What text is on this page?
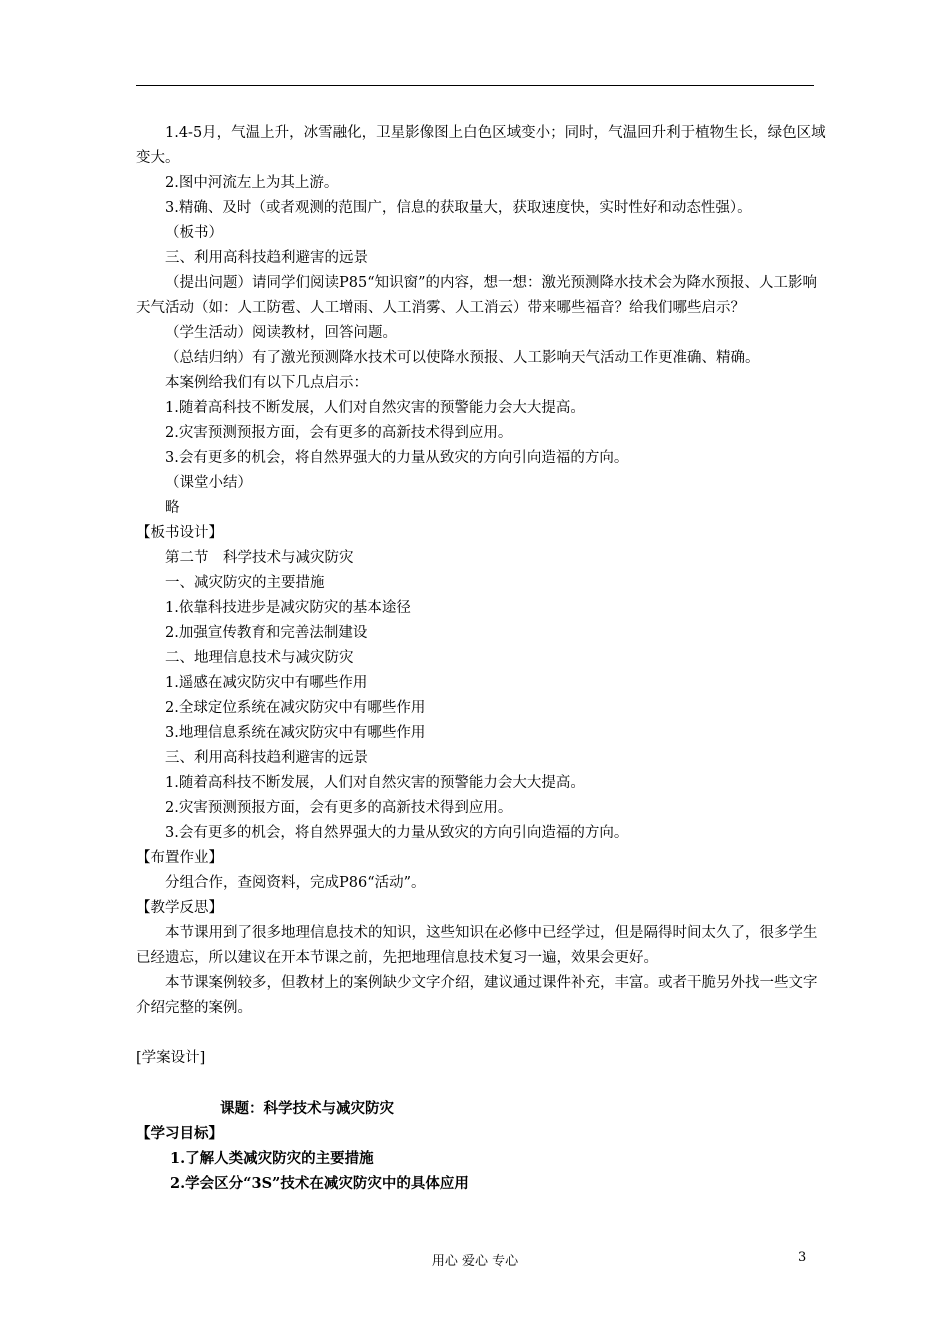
1.4-5月，气温上升，冰雪融化，卫星影像图上白色区域变小；同时，气温回升利于植物生长，绿色区域变大。

2.图中河流左上为其上游。

3.精确、及时（或者观测的范围广，信息的获取量大，获取速度快，实时性好和动态性强）。

（板书）

三、利用高科技趋利避害的远景

（提出问题）请同学们阅读P85“知识窗”的内容，想一想：激光预测降水技术会为降水预报、人工影响天气活动（如：人工防雹、人工增雨、人工消雾、人工消云）带来哪些福音？给我们哪些启示？

（学生活动）阅读教材，回答问题。

（总结归纳）有了激光预测降水技术可以使降水预报、人工影响天气活动工作更准确、精确。

本案例给我们有以下几点启示：

1.随着高科技不断发展，人们对自然灾害的预警能力会大大提高。

2.灾害预测预报方面，会有更多的高新技术得到应用。

3.会有更多的机会，将自然界强大的力量从致灾的方向引向造福的方向。

（课堂小结）

略

【板书设计】

第二节　科学技术与减灾防灾

一、减灾防灾的主要措施

1.依靠科技进步是减灾防灾的基本途径

2.加强宣传教育和完善法制建设

二、地理信息技术与减灾防灾

1.遥感在减灾防灾中有哪些作用

2.全球定位系统在减灾防灾中有哪些作用

3.地理信息系统在减灾防灾中有哪些作用

三、利用高科技趋利避害的远景

1.随着高科技不断发展，人们对自然灾害的预警能力会大大提高。

2.灾害预测预报方面，会有更多的高新技术得到应用。

3.会有更多的机会，将自然界强大的力量从致灾的方向引向造福的方向。

【布置作业】

分组合作，查阅资料，完成P86“活动”。

【教学反思】

本节课用到了很多地理信息技术的知识，这些知识在必修中已经学过，但是隔得时间太久了，很多学生已经遗忘，所以建议在开本节课之前，先把地理信息技术复习一遍，效果会更好。

本节课案例较多，但教材上的案例缺少文字介绍，建议通过课件补充，丰富。或者干脆另外找一些文字介绍完整的案例。

[学案设计]

课题：科学技术与减灾防灾

【学习目标】

1.了解人类减灾防灾的主要措施

2.学会区分“3S”技术在减灾防灾中的具体应用

用心 爱心 专心	3
